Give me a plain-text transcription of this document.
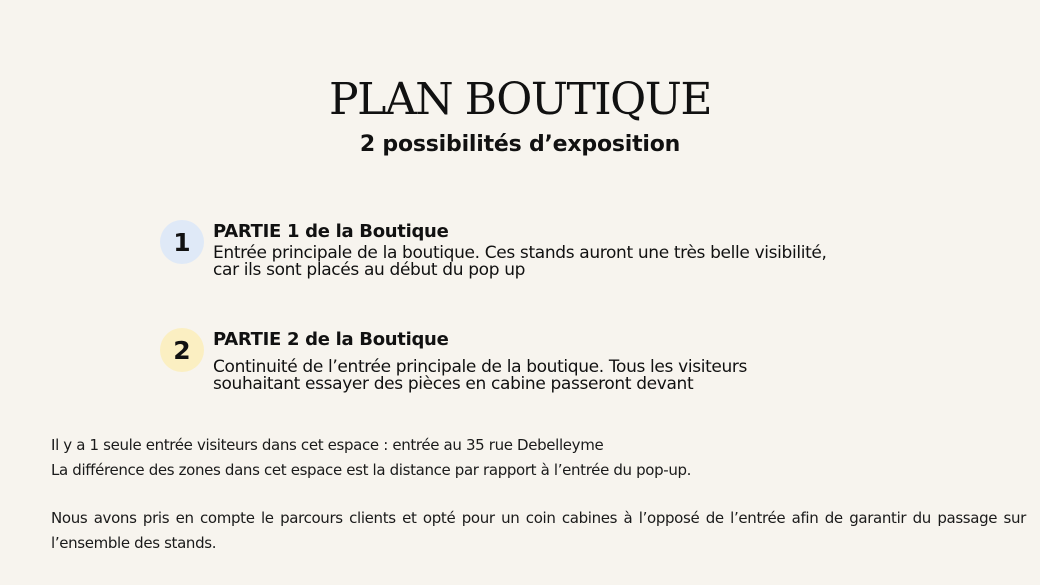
PLAN BOUTIQUE
2 possibilités d’exposition
1	PARTIE 1 de la Boutique
Entrée principale de la boutique. Ces stands auront une très belle visibilité,
car ils sont placés au début du pop up
2	PARTIE 2 de la Boutique
Continuité de l’entrée principale de la boutique. Tous les visiteurs
souhaitant essayer des pièces en cabine passeront devant

Il y a 1 seule entrée visiteurs dans cet espace : entrée au 35 rue Debelleyme

La différence des zones dans cet espace est la distance par rapport à l’entrée du pop-up.

Nous avons pris en compte le parcours clients et opté pour un coin cabines à l’opposé de l’entrée afin de garantir du passage sur l’ensemble des stands.
